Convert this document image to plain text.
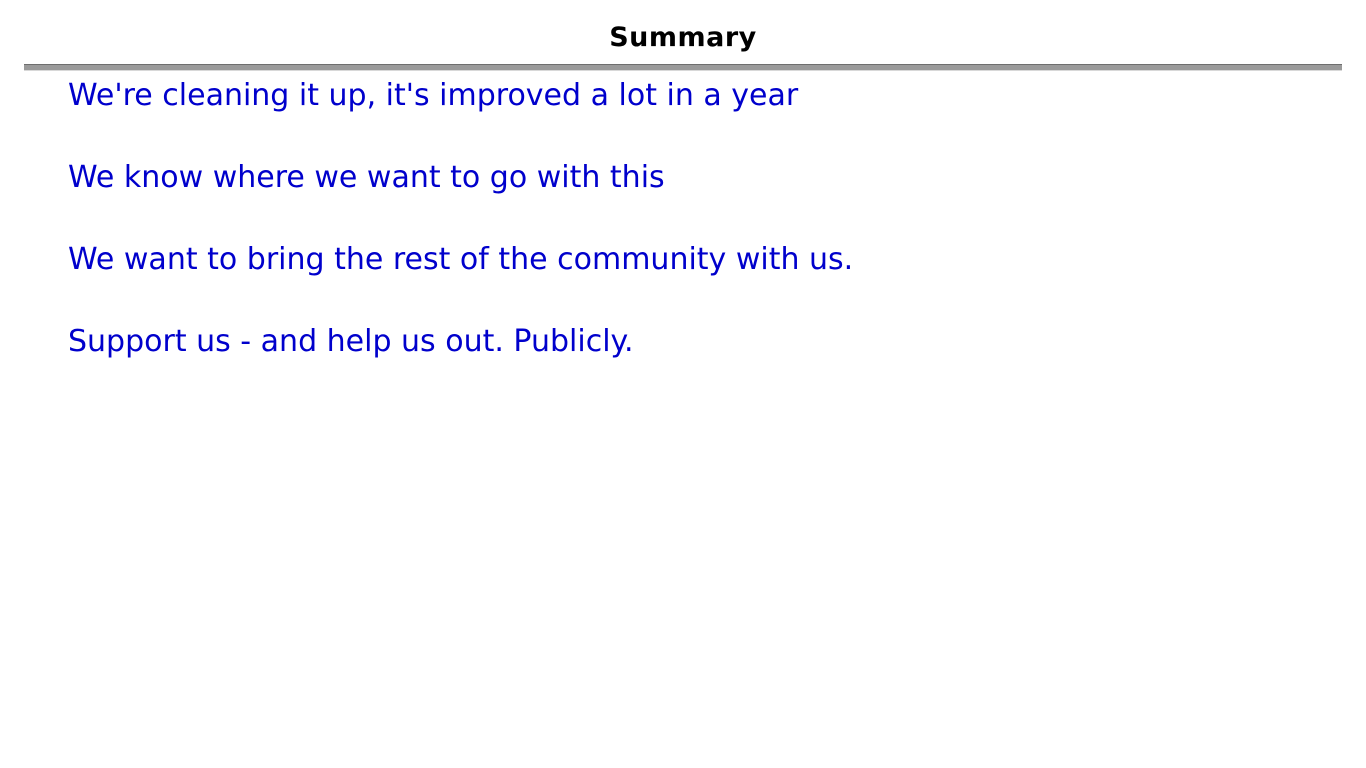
Summary

We're cleaning it up, it's improved a lot in a year

We know where we want to go with this

We want to bring the rest of the community with us.

Support us - and help us out. Publicly.
